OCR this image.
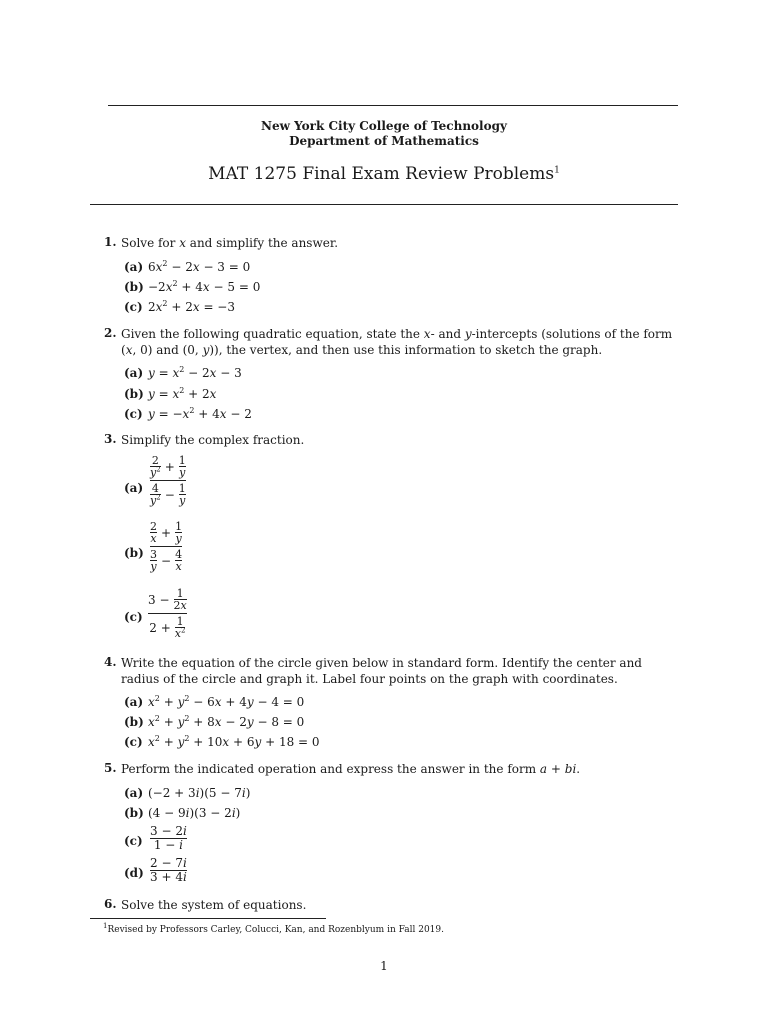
New York City College of Technology
Department of Mathematics
MAT 1275 Final Exam Review Problems$^1$
1. Solve for x and simplify the answer.
(a) $6x^2 - 2x - 3 = 0$
$(b) -2x^2 + 4x - 5 = 0$
(c) $2x^2 + 2x = -3$
2. Given the following quadratic equation, state the x- and y-intercepts (solutions of the form (x, 0) and (0, y)), the vertex, and then use this information to sketch the graph.
(a) $y = x^2 - 2x - 3$
(b) $y = x^2 + 2x$
(c) $y = -x^2 + 4x - 2$
3. Simplify the complex fraction.
$(a) \frac{\frac{2}{y^2} + \frac{1}{y}}{\frac{4}{y^2} - \frac{1}{y}}$
$(b) \frac{\frac{2}{x} + \frac{1}{y}}{\frac{3}{y} - \frac{4}{x}}$
$(c) \frac{3 - \frac{1}{2x}}{2 + \frac{1}{x^2}}$
4. Write the equation of the circle given below in standard form. Identify the center and radius of the circle and graph it. Label four points on the graph with coordinates.
(a) $x^2 + y^2 - 6x + 4y - 4 = 0$
(b) $x^2 + y^2 + 8x - 2y - 8 = 0$
(c) $x^2 + y^2 + 10x + 6y + 18 = 0$
5. Perform the indicated operation and express the answer in the form a + bi.
(a) (−2 + 3i)(5 − 7i)
(b) (4 − 9i)(3 − 2i)
$(c) \frac{3 - 2i}{1 - i}$
$(d) \frac{2 - 7i}{3 + 4i}$
6. Solve the system of equations.
$^1$Revised by Professors Carley, Colucci, Kan, and Rozenblyum in Fall 2019.
1
